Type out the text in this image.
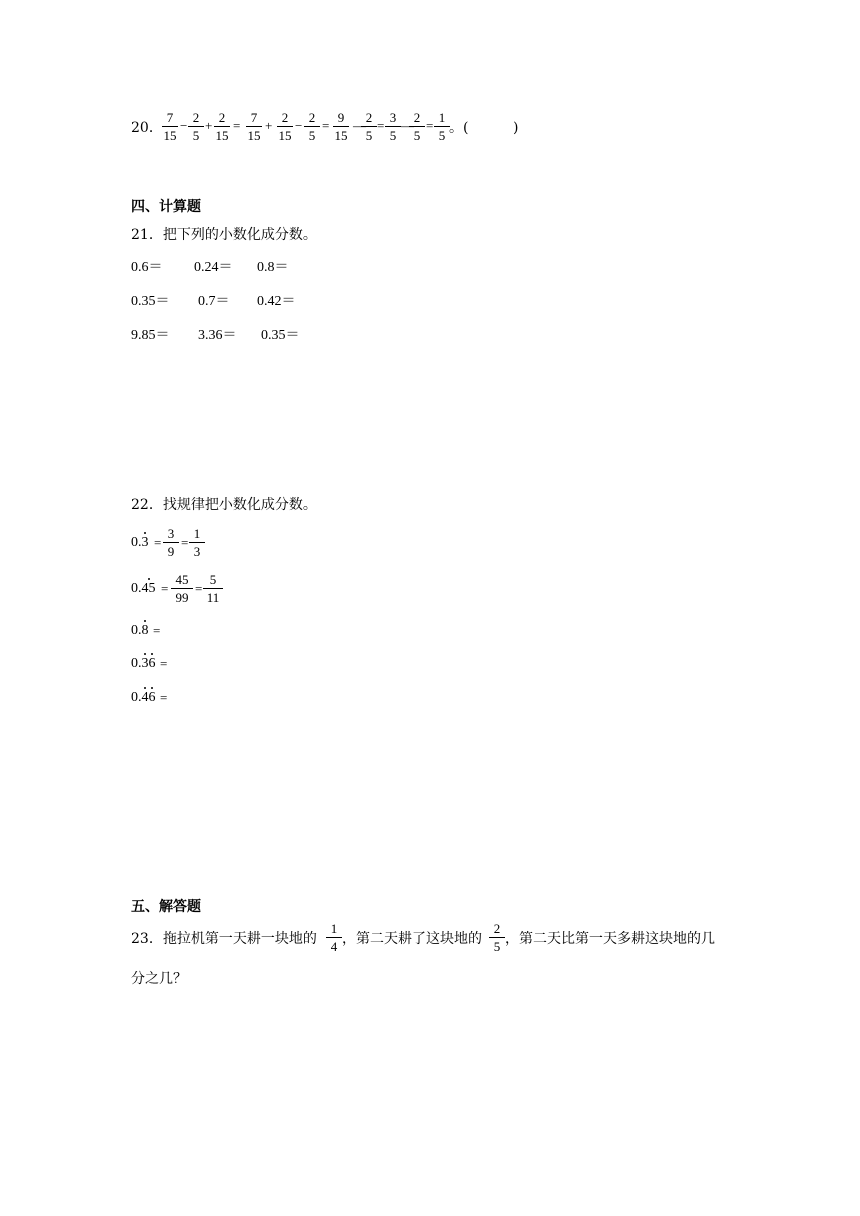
20．
7
15
−
2
5
+
2
15
=
7
15
+
2
15
−
2
5
=
9
15
—
2
5
=
3
5
—
2
5
=
1
5 。(	)
四、计算题
21．把下列的小数化成分数。
0.6＝ 0.24＝ 0.8＝
0.35＝ 0.7＝ 0.42＝
9.85＝ 3.36＝ 0.35＝
22．找规律把小数化成分数。
0.3 =
3
9
=
1
3
0.45 =
45
99
=
5
11
0.8 =
0.36 =
0.46 =
五、解答题
23．拖拉机第一天耕一块地的
1
4 ，第二天耕了这块地的
2
5 ，第二天比第一天多耕这块地的几
分之几？
